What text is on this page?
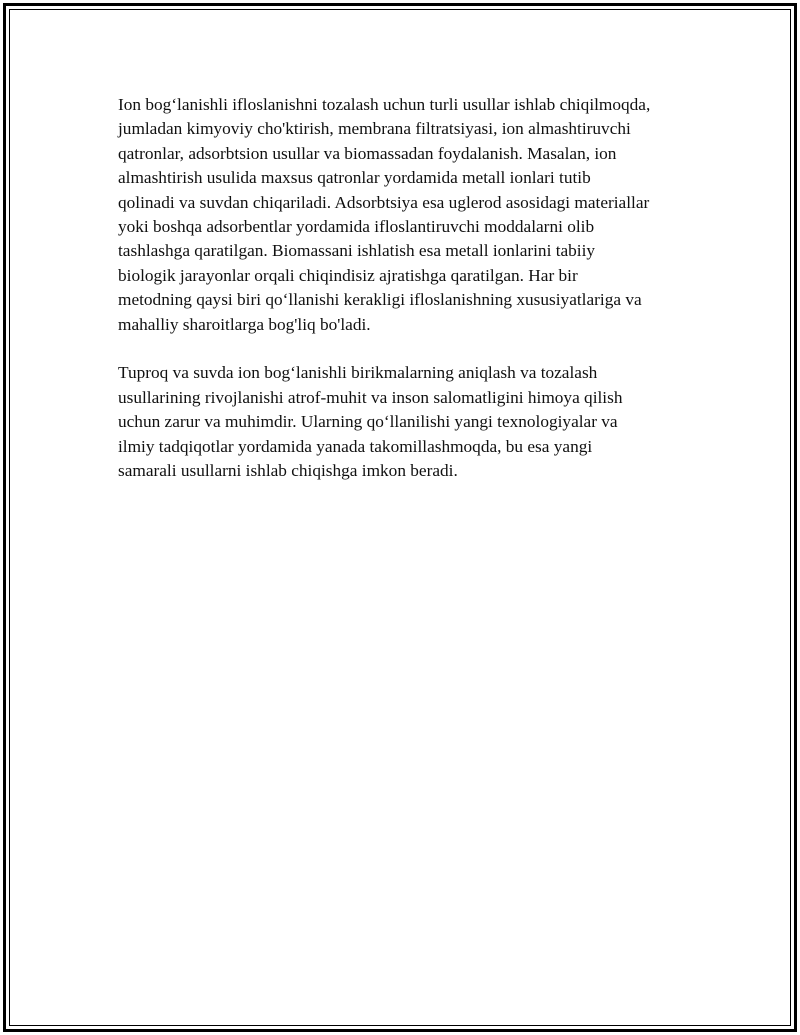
Ion bog‘lanishli ifloslanishni tozalash uchun turli usullar ishlab chiqilmoqda,
jumladan kimyoviy cho'ktirish, membrana filtratsiyasi, ion almashtiruvchi
qatronlar, adsorbtsion usullar va biomassadan foydalanish. Masalan, ion
almashtirish usulida maxsus qatronlar yordamida metall ionlari tutib
qolinadi va suvdan chiqariladi. Adsorbtsiya esa uglerod asosidagi materiallar
yoki boshqa adsorbentlar yordamida ifloslantiruvchi moddalarni olib
tashlashga qaratilgan. Biomassani ishlatish esa metall ionlarini tabiiy
biologik jarayonlar orqali chiqindisiz ajratishga qaratilgan. Har bir
metodning qaysi biri qo‘llanishi kerakligi ifloslanishning xususiyatlariga va
mahalliy sharoitlarga bog'liq bo'ladi.

Tuproq va suvda ion bog‘lanishli birikmalarning aniqlash va tozalash
usullarining rivojlanishi atrof-muhit va inson salomatligini himoya qilish
uchun zarur va muhimdir. Ularning qo‘llanilishi yangi texnologiyalar va
ilmiy tadqiqotlar yordamida yanada takomillashmoqda, bu esa yangi
samarali usullarni ishlab chiqishga imkon beradi.
